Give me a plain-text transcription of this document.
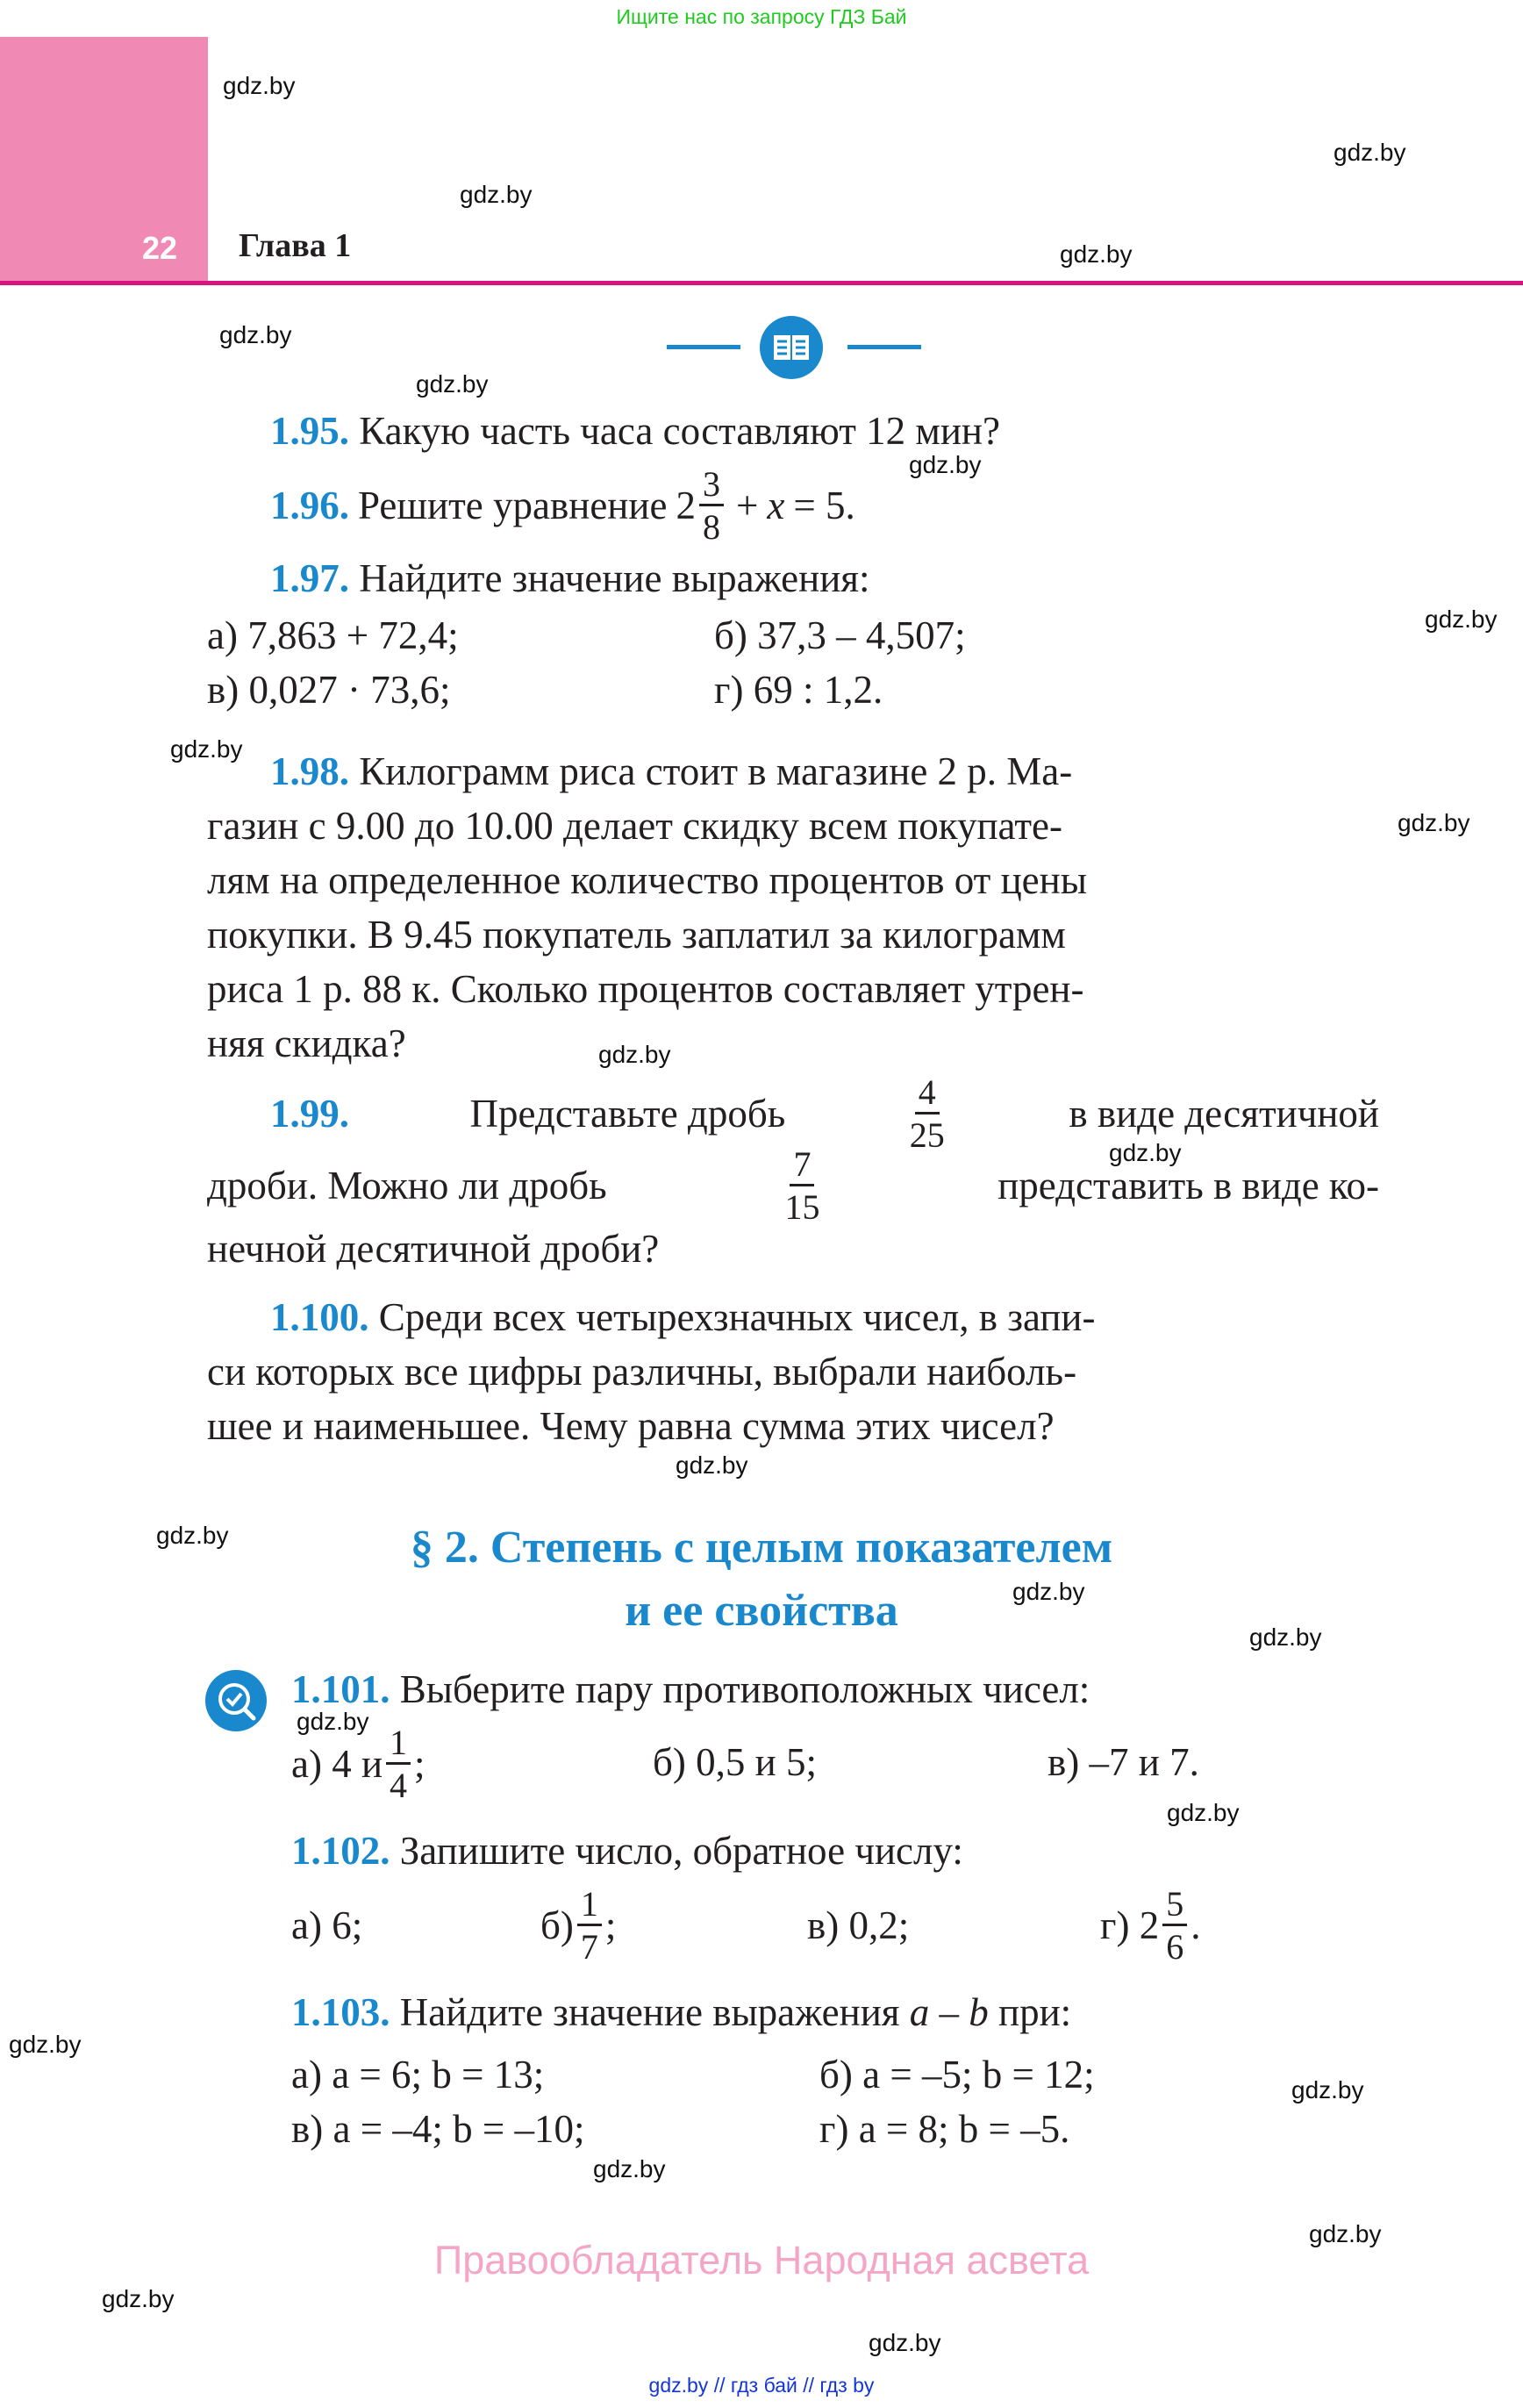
Ищите нас по запросу ГДЗ Бай
22 Глава 1
gdz.by
gdz.by
gdz.by
gdz.by
gdz.by
gdz.by
gdz.by
gdz.by
gdz.by
gdz.by
gdz.by
gdz.by
gdz.by
gdz.by
gdz.by
gdz.by
gdz.by
gdz.by
gdz.by
gdz.by
gdz.by
gdz.by
gdz.by
gdz.by
1.95. Какую часть часа составляют 12 мин?
1.96. Решите уравнение $2 \frac{3}{8} + x = 5$.
1.97. Найдите значение выражения:
а) 7,863 + 72,4;	б) 37,3 – 4,507;
в) 0,027 · 73,6;	г) 69 : 1,2.
1.98. Килограмм риса стоит в магазине 2 р. Ма-
газин с 9.00 до 10.00 делает скидку всем покупате-
лям на определенное количество процентов от цены
покупки. В 9.45 покупатель заплатил за килограмм
риса 1 р. 88 к. Сколько процентов составляет утрен-
няя скидка?
1.99.	Представьте дробь	$\frac{4}{25}$	в виде десятичной
дроби. Можно ли дробь	$\frac{7}{15}$	представить в виде ко-
нечной десятичной дроби?
1.100. Среди всех четырехзначных чисел, в запи-
си которых все цифры различны, выбрали наиболь-
шее и наименьшее. Чему равна сумма этих чисел?
§ 2. Степень с целым показателем
и ее свойства
1.101. Выберите пару противоположных чисел:
а) 4 и $\frac{1}{4}$ ;	б) 0,5 и 5;	в) –7 и 7.
1.102. Запишите число, обратное числу:
а) 6;	$б) \frac{1}{7}$ ;	в) 0,2;	г) $2 \frac{5}{6}$ .
1.103. Найдите значение выражения a – b при:
а) a = 6; b = 13;	б) a = –5; b = 12;
в) a = –4; b = –10;	г) a = 8; b = –5.
Правообладатель Народная асвета
gdz.by // гдз бай // гдз by
